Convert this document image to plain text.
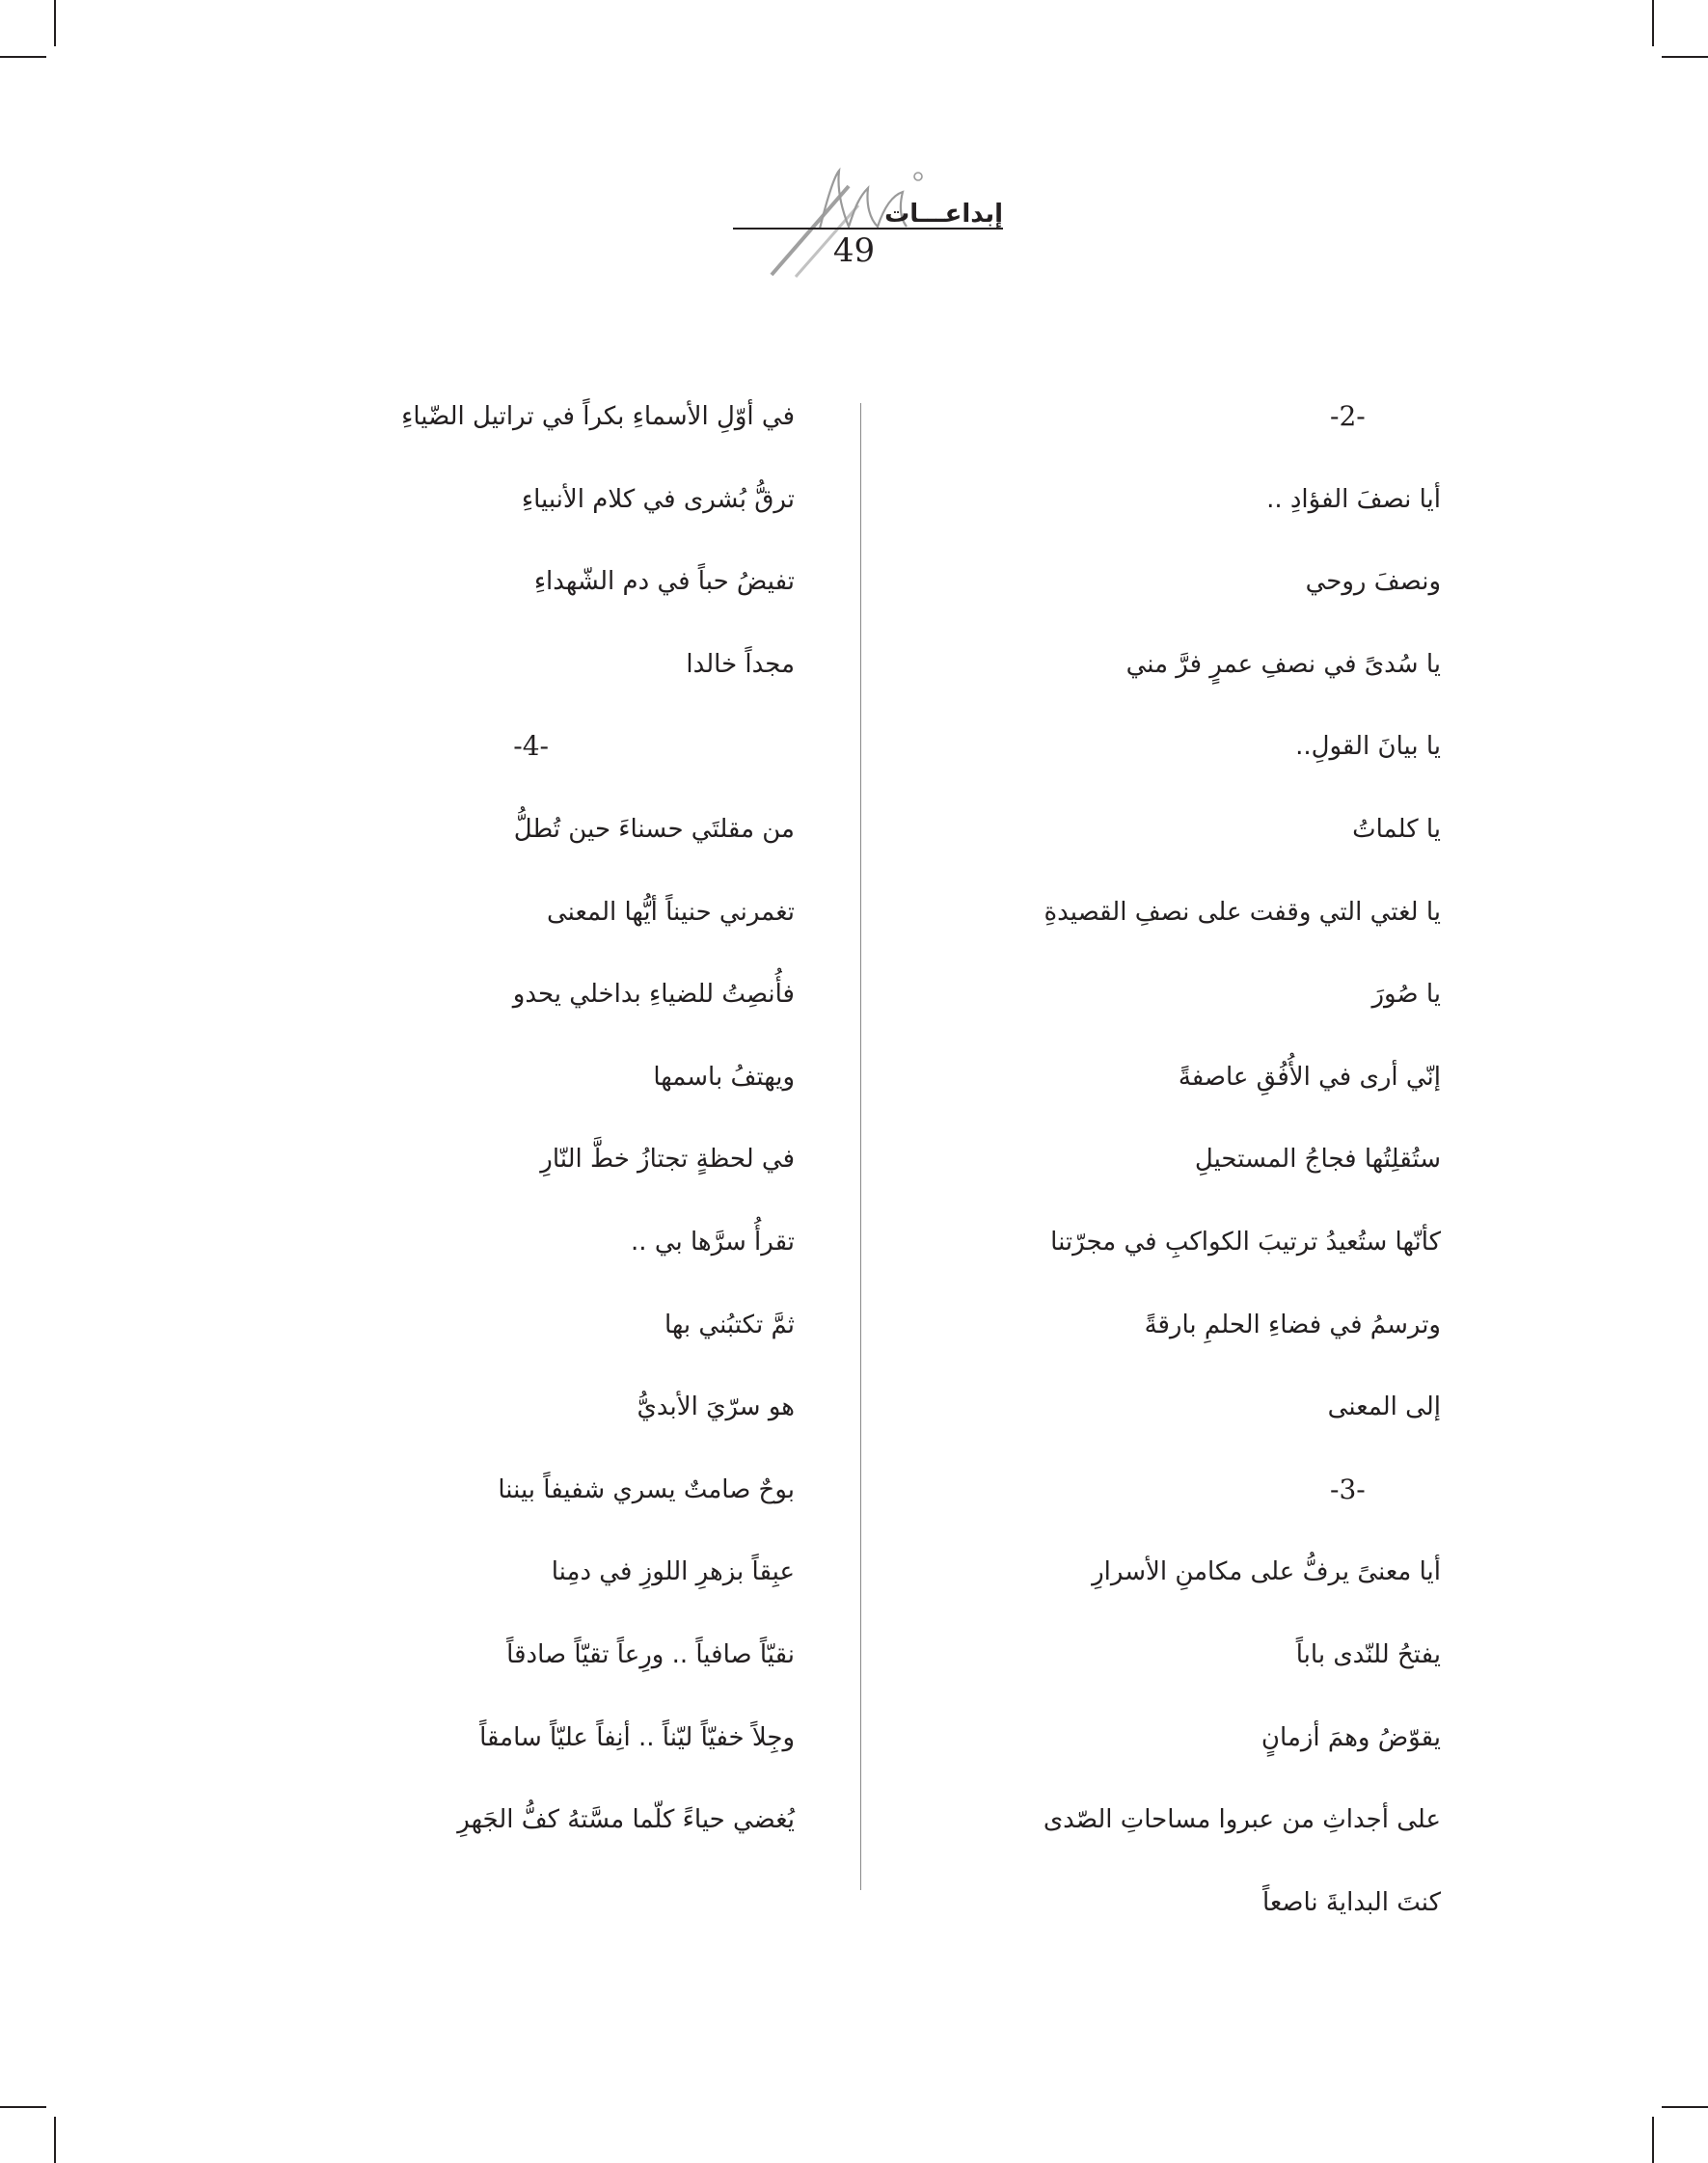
إبداعـــات
49
-2-
أيا نصفَ الفؤادِ ..
ونصفَ روحي
يا سُدىً في نصفِ عمرٍ فرَّ مني
يا بيانَ القولِ..
يا كلماتُ
يا لغتي التي وقفت على نصفِ القصيدةِ
يا صُورَ
إنّي أرى في الأُفُقِ عاصفةً
ستُقلِتُها فجاجُ المستحيلِ
كأنّها ستُعيدُ ترتيبَ الكواكبِ في مجرّتنا
وترسمُ في فضاءِ الحلمِ بارقةً
إلى المعنى
-3-
أيا معنىً يرفُّ على مكامنِ الأسرارِ
يفتحُ للنّدى باباً
يقوّضُ وهمَ أزمانٍ
على أجداثِ من عبروا مساحاتِ الصّدى
كنتَ البدايةَ ناصعاً
في أوّلِ الأسماءِ بكراً في تراتيل الضّياءِ
ترقُّ بُشرى في كلام الأنبياءِ
تفيضُ حباً في دم الشّهداءِ
مجداً خالدا
-4-
من مقلتَي حسناءَ حين تُطلُّ
تغمرني حنيناً أيُّها المعنى
فأُنصِتُ للضياءِ بداخلي يحدو
ويهتفُ باسمها
في لحظةٍ تجتازُ خطَّ النّارِ
تقرأُ سرَّها بي ..
ثمَّ تكتبُني بها
هو سرّيَ الأبديُّ
بوحٌ صامتٌ يسري شفيفاً بيننا
عبِقاً بزهرِ اللوزِ في دمِنا
نقيّاً صافياً .. ورِعاً تقيّاً صادقاً
وجِلاً خفيّاً ليّناً .. أنِفاً عليّاً سامقاً
يُغضي حياءً كلّما مسَّتهُ كفُّ الجَهرِ
